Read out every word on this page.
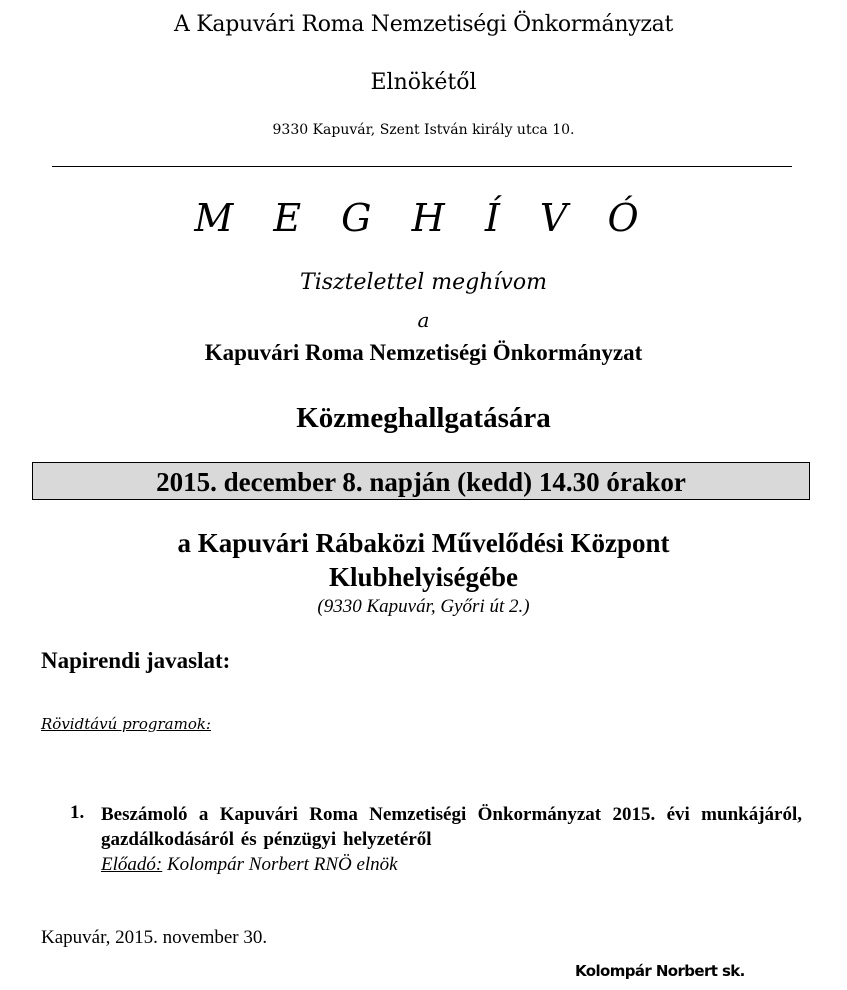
A Kapuvári Roma Nemzetiségi Önkormányzat
Elnökétől
9330 Kapuvár, Szent István király utca 10.
M E G H Í V Ó
Tisztelettel meghívom
a
Kapuvári Roma Nemzetiségi Önkormányzat
Közmeghallgatására
2015. december 8. napján (kedd) 14.30 órakor
a Kapuvári Rábaközi Művelődési Központ
Klubhelyiségébe
(9330 Kapuvár, Győri út 2.)
Napirendi javaslat:
Rövidtávú programok:
1. Beszámoló a Kapuvári Roma Nemzetiségi Önkormányzat 2015. évi munkájáról, gazdálkodásáról és pénzügyi helyzetéről
Előadó: Kolompár Norbert RNÖ elnök
Kapuvár, 2015. november 30.
Kolompár Norbert sk.
